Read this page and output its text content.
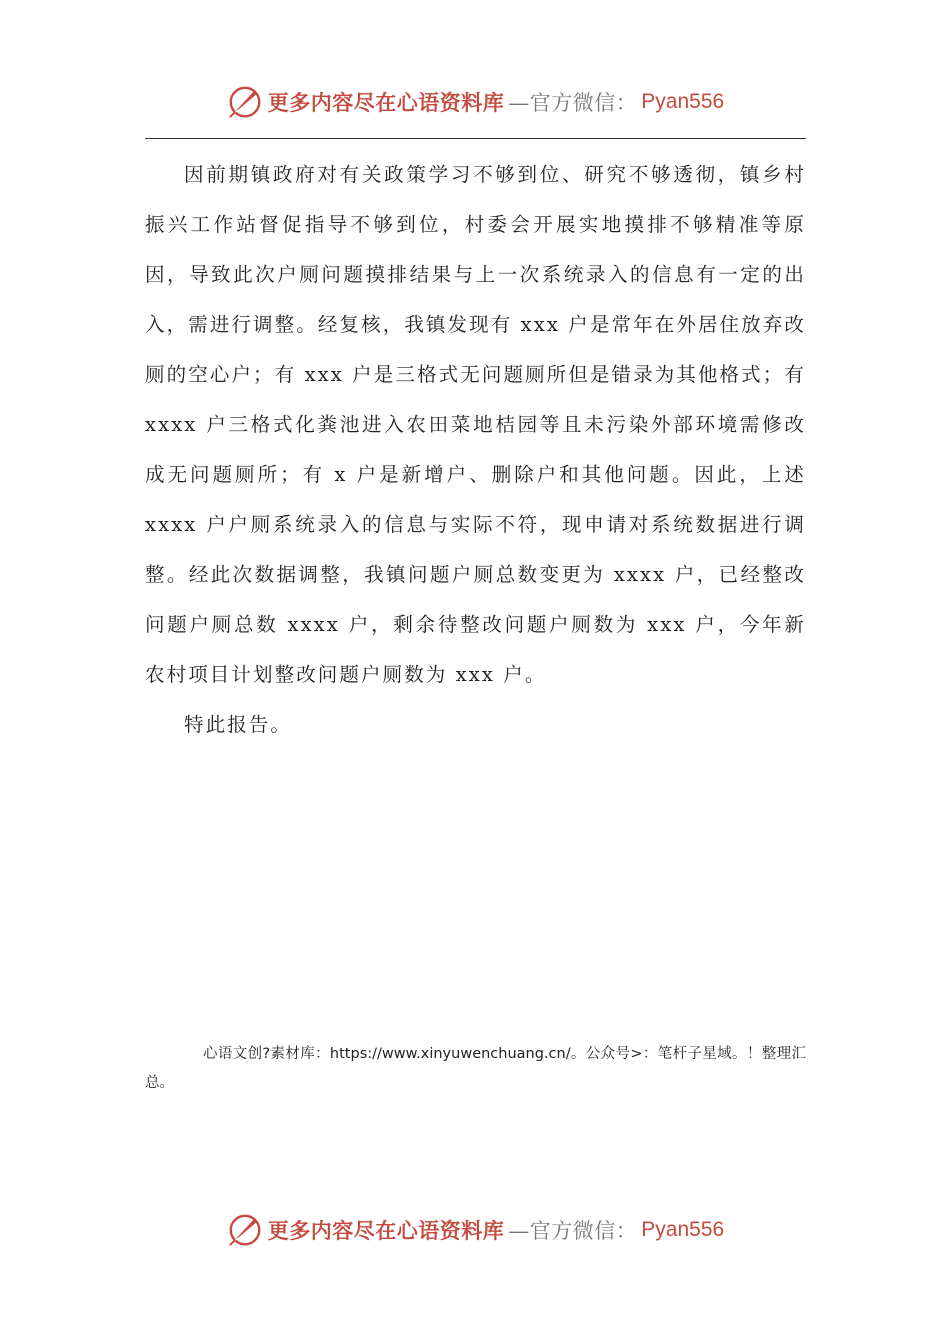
更多内容尽在心语资料库 —官方微信： Pyan556

因前期镇政府对有关政策学习不够到位、研究不够透彻，镇乡村振兴工作站督促指导不够到位，村委会开展实地摸排不够精准等原因，导致此次户厕问题摸排结果与上一次系统录入的信息有一定的出入，需进行调整。经复核，我镇发现有 xxx 户是常年在外居住放弃改厕的空心户；有 xxx 户是三格式无问题厕所但是错录为其他格式；有 xxxx 户三格式化粪池进入农田菜地桔园等且未污染外部环境需修改成无问题厕所；有 x 户是新增户、删除户和其他问题。因此，上述 xxxx 户户厕系统录入的信息与实际不符，现申请对系统数据进行调整。经此次数据调整，我镇问题户厕总数变更为 xxxx 户，已经整改问题户厕总数 xxxx 户，剩余待整改问题户厕数为 xxx 户，今年新农村项目计划整改问题户厕数为 xxx 户。

特此报告。

心语文创?素材库：https://www.xinyuwenchuang.cn/。公众号>：笔杆子星域。！整理汇总。
更多内容尽在心语资料库 —官方微信： Pyan556
